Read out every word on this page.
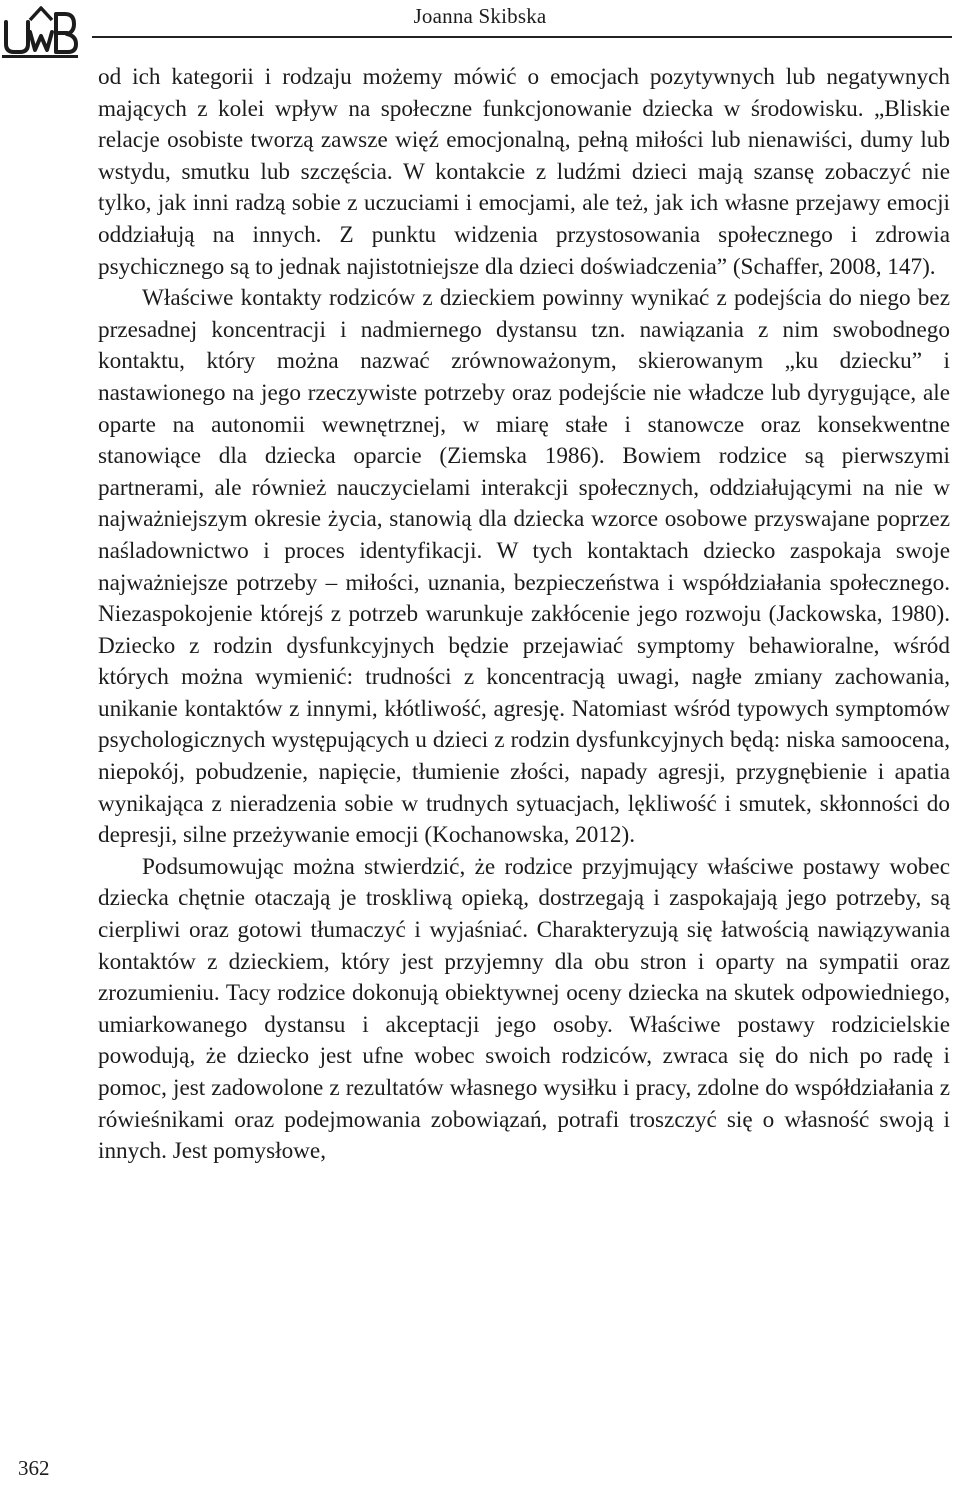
Joanna Skibska

od ich kategorii i rodzaju możemy mówić o emocjach pozytywnych lub negatywnych mających z kolei wpływ na społeczne funkcjonowanie dziecka w środowisku. „Bliskie relacje osobiste tworzą zawsze więź emocjonalną, pełną miłości lub nienawiści, dumy lub wstydu, smutku lub szczęścia. W kontakcie z ludźmi dzieci mają szansę zobaczyć nie tylko, jak inni radzą sobie z uczuciami i emocjami, ale też, jak ich własne przejawy emocji oddziałują na innych. Z punktu widzenia przystosowania społecznego i zdrowia psychicznego są to jednak najistotniejsze dla dzieci doświadczenia” (Schaffer, 2008, 147).

Właściwe kontakty rodziców z dzieckiem powinny wynikać z podejścia do niego bez przesadnej koncentracji i nadmiernego dystansu tzn. nawiązania z nim swobodnego kontaktu, który można nazwać zrównoważonym, skierowanym „ku dziecku” i nastawionego na jego rzeczywiste potrzeby oraz podejście nie władcze lub dyrygujące, ale oparte na autonomii wewnętrznej, w miarę stałe i stanowcze oraz konsekwentne stanowiące dla dziecka oparcie (Ziemska 1986). Bowiem rodzice są pierwszymi partnerami, ale również nauczycielami interakcji społecznych, oddziałującymi na nie w najważniejszym okresie życia, stanowią dla dziecka wzorce osobowe przyswajane poprzez naśladownictwo i proces identyfikacji. W tych kontaktach dziecko zaspokaja swoje najważniejsze potrzeby – miłości, uznania, bezpieczeństwa i współdziałania społecznego. Niezaspokojenie którejś z potrzeb warunkuje zakłócenie jego rozwoju (Jackowska, 1980). Dziecko z rodzin dysfunkcyjnych będzie przejawiać symptomy behawioralne, wśród których można wymienić: trudności z koncentracją uwagi, nagłe zmiany zachowania, unikanie kontaktów z innymi, kłótliwość, agresję. Natomiast wśród typowych symptomów psychologicznych występujących u dzieci z rodzin dysfunkcyjnych będą: niska samoocena, niepokój, pobudzenie, napięcie, tłumienie złości, napady agresji, przygnębienie i apatia wynikająca z nieradzenia sobie w trudnych sytuacjach, lękliwość i smutek, skłonności do depresji, silne przeżywanie emocji (Kochanowska, 2012).

Podsumowując można stwierdzić, że rodzice przyjmujący właściwe postawy wobec dziecka chętnie otaczają je troskliwą opieką, dostrzegają i zaspokajają jego potrzeby, są cierpliwi oraz gotowi tłumaczyć i wyjaśniać. Charakteryzują się łatwością nawiązywania kontaktów z dzieckiem, który jest przyjemny dla obu stron i oparty na sympatii oraz zrozumieniu. Tacy rodzice dokonują obiektywnej oceny dziecka na skutek odpowiedniego, umiarkowanego dystansu i akceptacji jego osoby. Właściwe postawy rodzicielskie powodują, że dziecko jest ufne wobec swoich rodziców, zwraca się do nich po radę i pomoc, jest zadowolone z rezultatów własnego wysiłku i pracy, zdolne do współdziałania z rówieśnikami oraz podejmowania zobowiązań, potrafi troszczyć się o własność swoją i innych. Jest pomysłowe,

362
